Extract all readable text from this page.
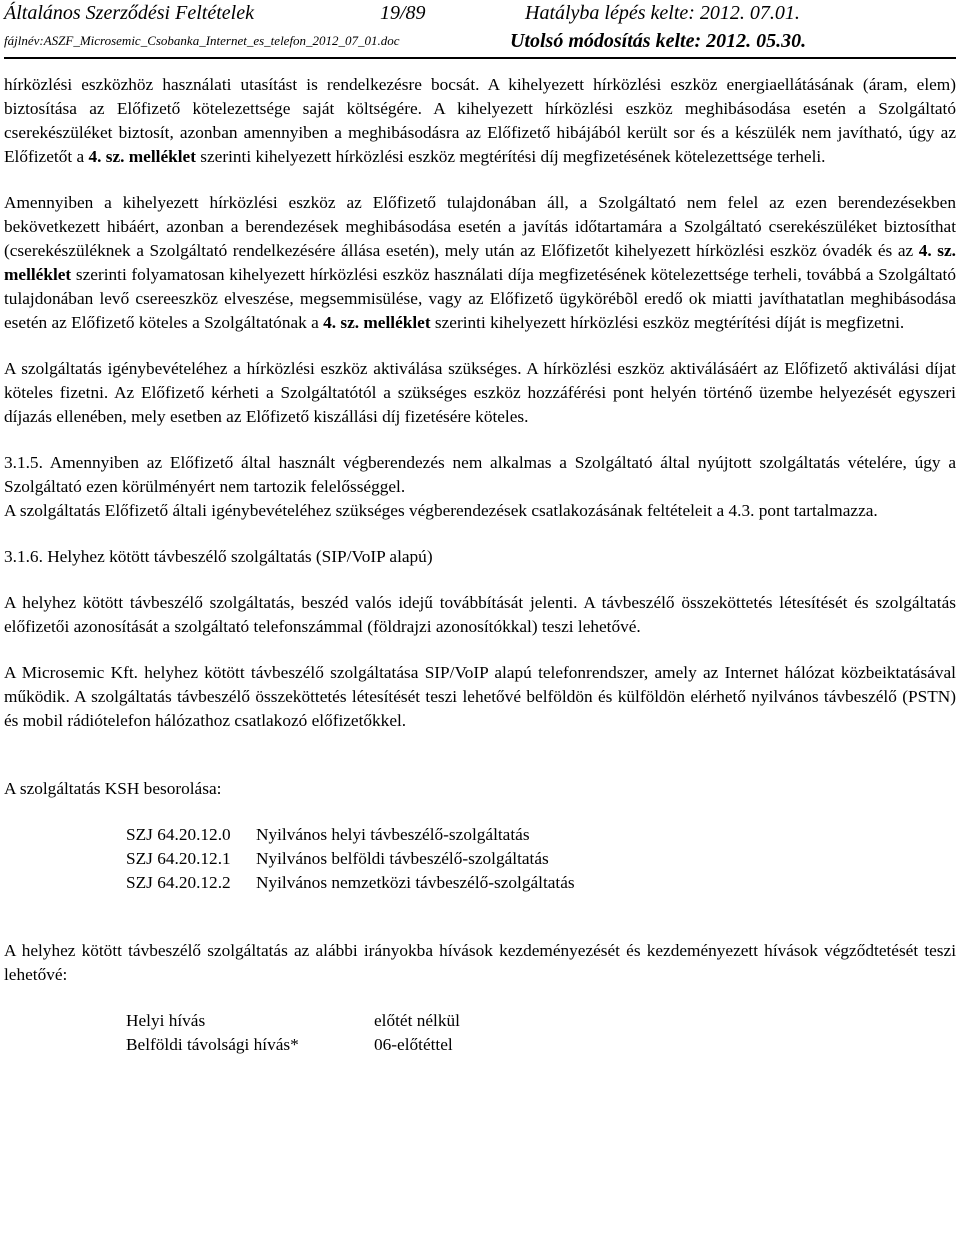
Általános Szerződési Feltételek	19/89	Hatályba lépés kelte: 2012. 07.01.
fájlnév:ASZF_Microsemic_Csobanka_Internet_es_telefon_2012_07_01.doc	Utolsó módosítás kelte: 2012. 05.30.

hírközlési eszközhöz használati utasítást is rendelkezésre bocsát. A kihelyezett hírközlési eszköz energiaellátásának (áram, elem) biztosítása az Előfizető kötelezettsége saját költségére. A kihelyezett hírközlési eszköz meghibásodása esetén a Szolgáltató cserekészüléket biztosít, azonban amennyiben a meghibásodásra az Előfizető hibájából került sor és a készülék nem javítható, úgy az Előfizetőt a 4. sz. melléklet szerinti kihelyezett hírközlési eszköz megtérítési díj megfizetésének kötelezettsége terheli.

Amennyiben a kihelyezett hírközlési eszköz az Előfizető tulajdonában áll, a Szolgáltató nem felel az ezen berendezésekben bekövetkezett hibáért, azonban a berendezések meghibásodása esetén a javítás időtartamára a Szolgáltató cserekészüléket biztosíthat (cserekészüléknek a Szolgáltató rendelkezésére állása esetén), mely után az Előfizetőt kihelyezett hírközlési eszköz óvadék és az 4. sz. melléklet szerinti folyamatosan kihelyezett hírközlési eszköz használati díja megfizetésének kötelezettsége terheli, továbbá a Szolgáltató tulajdonában levő csereeszköz elveszése, megsemmisülése, vagy az Előfizető ügykörébõl eredő ok miatti javíthatatlan meghibásodása esetén az Előfizető köteles a Szolgáltatónak a 4. sz. melléklet szerinti kihelyezett hírközlési eszköz megtérítési díját is megfizetni.

A szolgáltatás igénybevételéhez a hírközlési eszköz aktiválása szükséges. A hírközlési eszköz aktiválásáért az Előfizető aktiválási díjat köteles fizetni. Az Előfizető kérheti a Szolgáltatótól a szükséges eszköz hozzáférési pont helyén történő üzembe helyezését egyszeri díjazás ellenében, mely esetben az Előfizető kiszállási díj fizetésére köteles.

3.1.5. Amennyiben az Előfizető által használt végberendezés nem alkalmas a Szolgáltató által nyújtott szolgáltatás vételére, úgy a Szolgáltató ezen körülményért nem tartozik felelősséggel.

A szolgáltatás Előfizető általi igénybevételéhez szükséges végberendezések csatlakozásának feltételeit a 4.3. pont tartalmazza.

3.1.6. Helyhez kötött távbeszélő szolgáltatás (SIP/VoIP alapú)

A helyhez kötött távbeszélő szolgáltatás, beszéd valós idejű továbbítását jelenti. A távbeszélő összeköttetés létesítését és szolgáltatás előfizetői azonosítását a szolgáltató telefonszámmal (földrajzi azonosítókkal) teszi lehetővé.

A Microsemic Kft. helyhez kötött távbeszélő szolgáltatása SIP/VoIP alapú telefonrendszer, amely az Internet hálózat közbeiktatásával működik. A szolgáltatás távbeszélő összeköttetés létesítését teszi lehetővé belföldön és külföldön elérhető nyilvános távbeszélő (PSTN) és mobil rádiótelefon hálózathoz csatlakozó előfizetőkkel.

A szolgáltatás KSH besorolása:

SZJ 64.20.12.0	Nyilvános helyi távbeszélő-szolgáltatás
SZJ 64.20.12.1	Nyilvános belföldi távbeszélő-szolgáltatás
SZJ 64.20.12.2	Nyilvános nemzetközi távbeszélő-szolgáltatás

A helyhez kötött távbeszélő szolgáltatás az alábbi irányokba hívások kezdeményezését és kezdeményezett hívások végződtetését teszi lehetővé:

Helyi hívás	előtét nélkül
Belföldi távolsági hívás*	06-előtéttel
